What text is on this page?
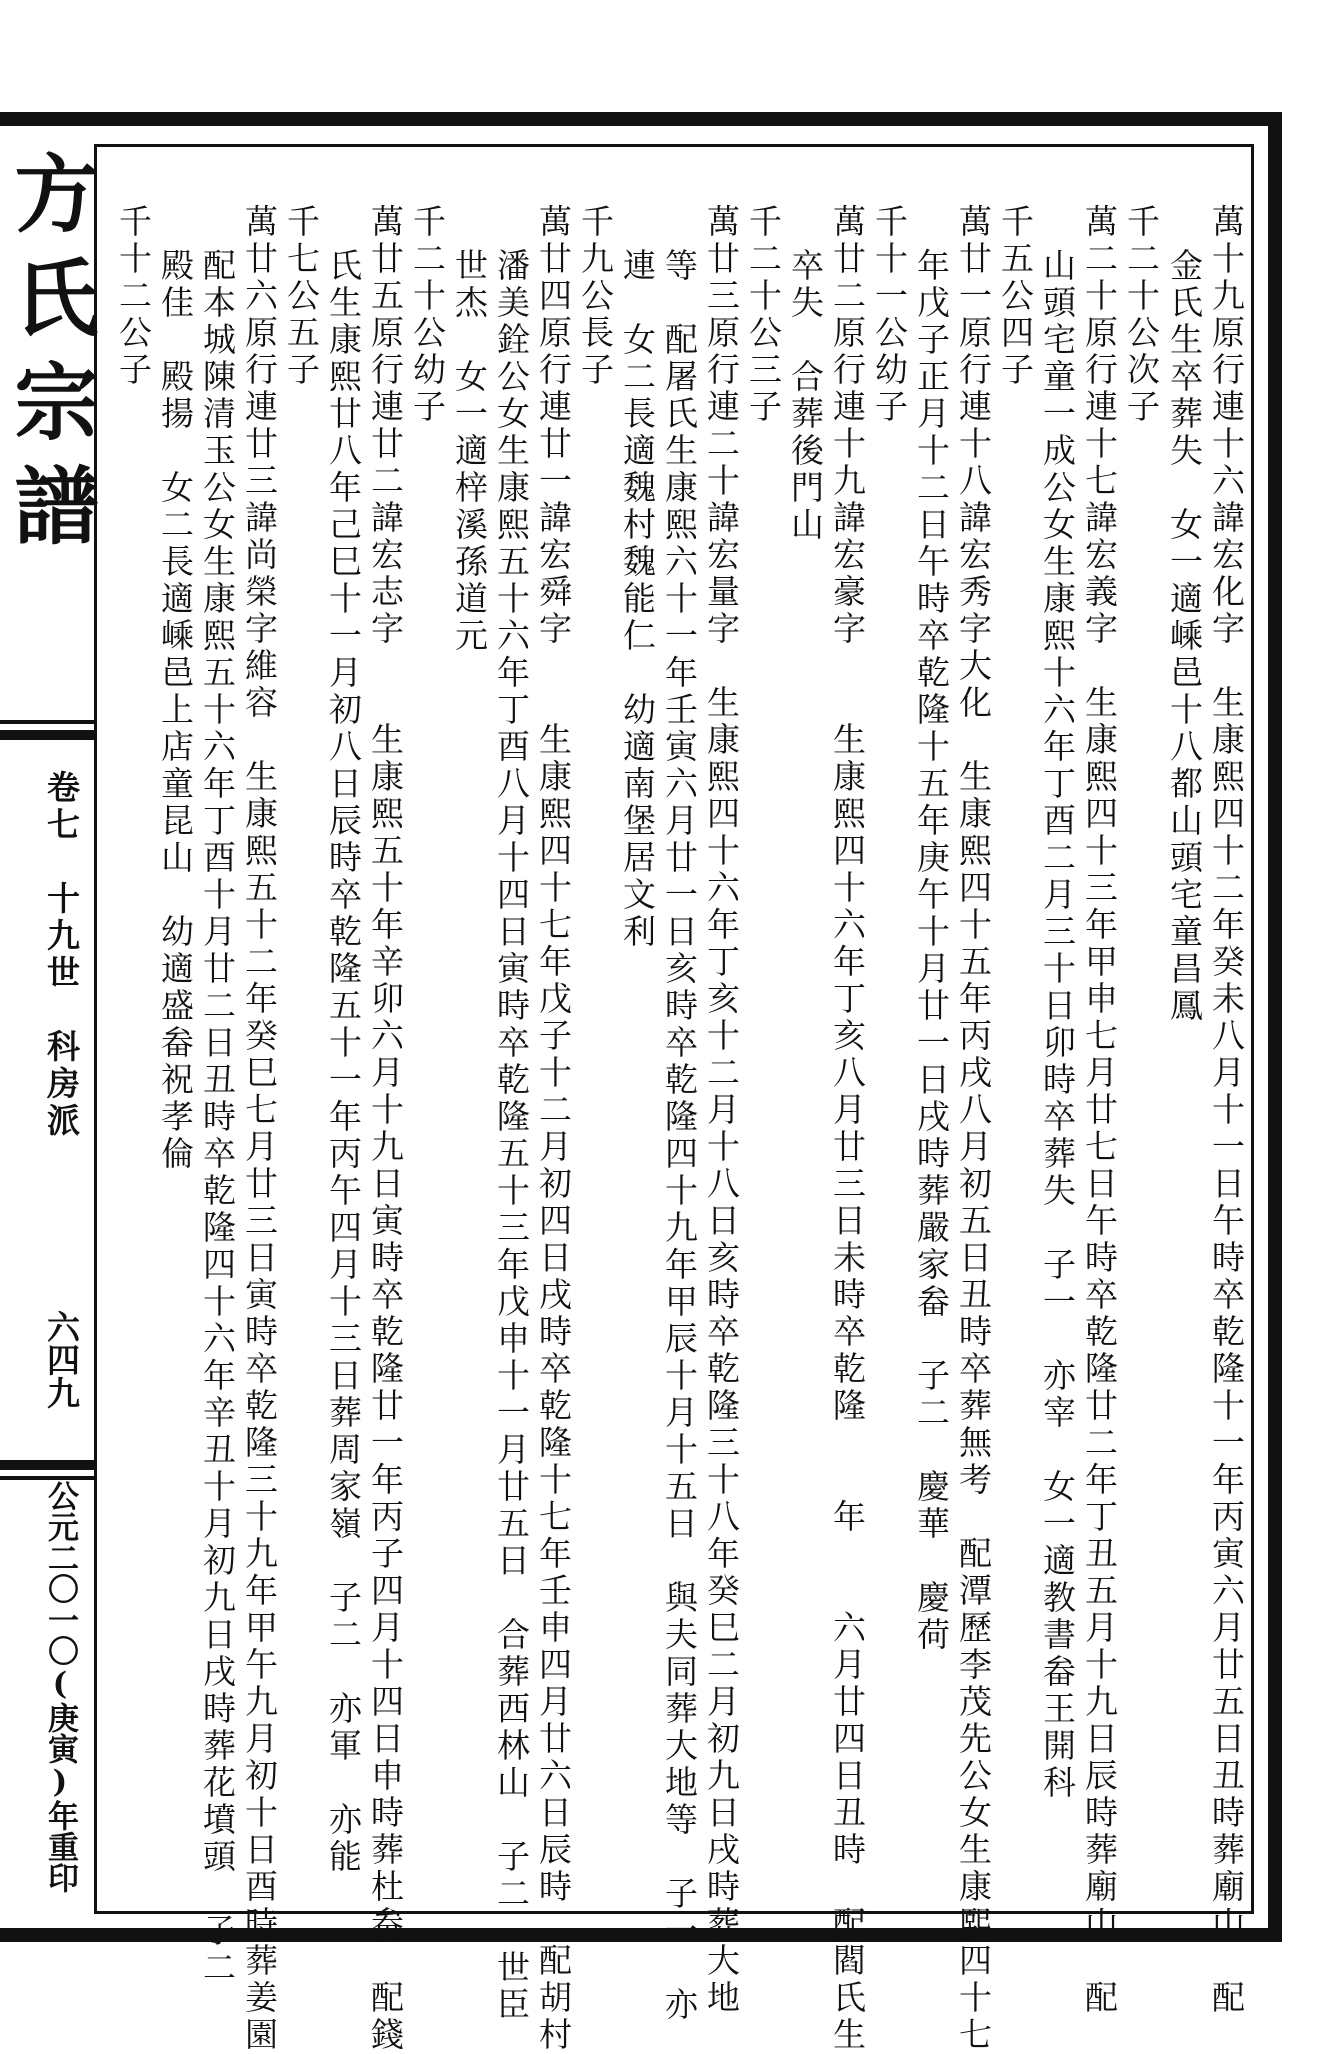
方氏宗譜
卷七　十九世　科房派
六四九
公元二〇一〇(庚寅)年重印	萬十九原行連十六諱宏化字　生康熙四十二年癸未八月十一日午時卒乾隆十一年丙寅六月廿五日丑時葬廟山　配
金氏生卒葬失　女一適嵊邑十八都山頭宅童昌鳳
千二十公次子
萬二十原行連十七諱宏義字　生康熙四十三年甲申七月廿七日午時卒乾隆廿二年丁丑五月十九日辰時葬廟山　配
山頭宅童一成公女生康熙十六年丁酉二月三十日卯時卒葬失　子一　亦宰　女一適教書畚王開科
千五公四子
萬廿一原行連十八諱宏秀字大化　生康熙四十五年丙戌八月初五日丑時卒葬無考　配潭歷李茂先公女生康熙四十七
年戊子正月十二日午時卒乾隆十五年庚午十月廿一日戌時葬嚴家畚　子二　慶華　慶荷
千十一公幼子
萬廿二原行連十九諱宏豪字　　生康熙四十六年丁亥八月廿三日未時卒乾隆　　年　　六月廿四日丑時　配閻氏生
卒失　合葬後門山
千二十公三子
萬廿三原行連二十諱宏量字　生康熙四十六年丁亥十二月十八日亥時卒乾隆三十八年癸巳二月初九日戌時葬大地
等　配屠氏生康熙六十一年壬寅六月廿一日亥時卒乾隆四十九年甲辰十月十五日　與夫同葬大地等　子一　亦
連　女二長適魏村魏能仁　幼適南堡居文利
千九公長子
萬廿四原行連廿一諱宏舜字　　生康熙四十七年戊子十二月初四日戌時卒乾隆十七年壬申四月廿六日辰時　配胡村
潘美銓公女生康熙五十六年丁酉八月十四日寅時卒乾隆五十三年戊申十一月廿五日　合葬西林山　子二　世臣
世杰　女一適梓溪孫道元
千二十公幼子
萬廿五原行連廿二諱宏志字　　生康熙五十年辛卯六月十九日寅時卒乾隆廿一年丙子四月十四日申時葬杜畚　配錢
氏生康熙廿八年己巳十一月初八日辰時卒乾隆五十一年丙午四月十三日葬周家嶺　子二　亦軍　亦能
千七公五子
萬廿六原行連廿三諱尚榮字維容　生康熙五十二年癸巳七月廿三日寅時卒乾隆三十九年甲午九月初十日酉時葬姜園
配本城陳清玉公女生康熙五十六年丁酉十月廿二日丑時卒乾隆四十六年辛丑十月初九日戌時葬花墳頭　子二
殿佳　殿揚　女二長適嵊邑上店童昆山　幼適盛畚祝孝倫
千十二公子
